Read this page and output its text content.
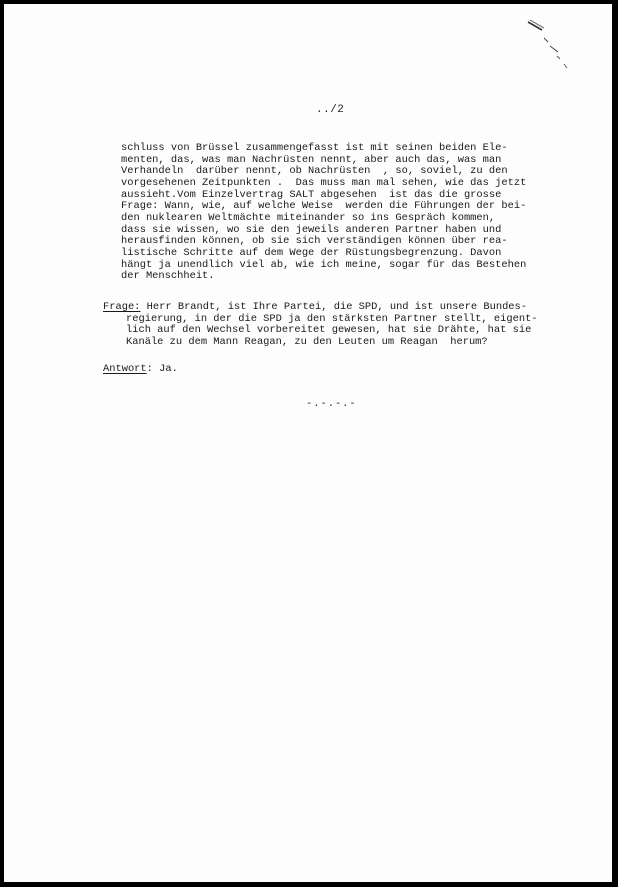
../2
schluss von Brüssel zusammengefasst ist mit seinen beiden Ele-
menten, das, was man Nachrüsten nennt, aber auch das, was man
Verhandeln  darüber nennt, ob Nachrüsten  , so, soviel, zu den
vorgesehenen Zeitpunkten .  Das muss man mal sehen, wie das jetzt
aussieht.Vom Einzelvertrag SALT abgesehen  ist das die grosse
Frage: Wann, wie, auf welche Weise  werden die Führungen der bei-
den nuklearen Weltmächte miteinander so ins Gespräch kommen,
dass sie wissen, wo sie den jeweils anderen Partner haben und
herausfinden können, ob sie sich verständigen können über rea-
listische Schritte auf dem Wege der Rüstungsbegrenzung. Davon
hängt ja unendlich viel ab, wie ich meine, sogar für das Bestehen
der Menschheit.
Frage: Herr Brandt, ist Ihre Partei, die SPD, und ist unsere Bundes-
regierung, in der die SPD ja den stärksten Partner stellt, eigent-
lich auf den Wechsel vorbereitet gewesen, hat sie Drähte, hat sie
Kanäle zu dem Mann Reagan, zu den Leuten um Reagan  herum?
Antwort: Ja.
-.-.-.-
